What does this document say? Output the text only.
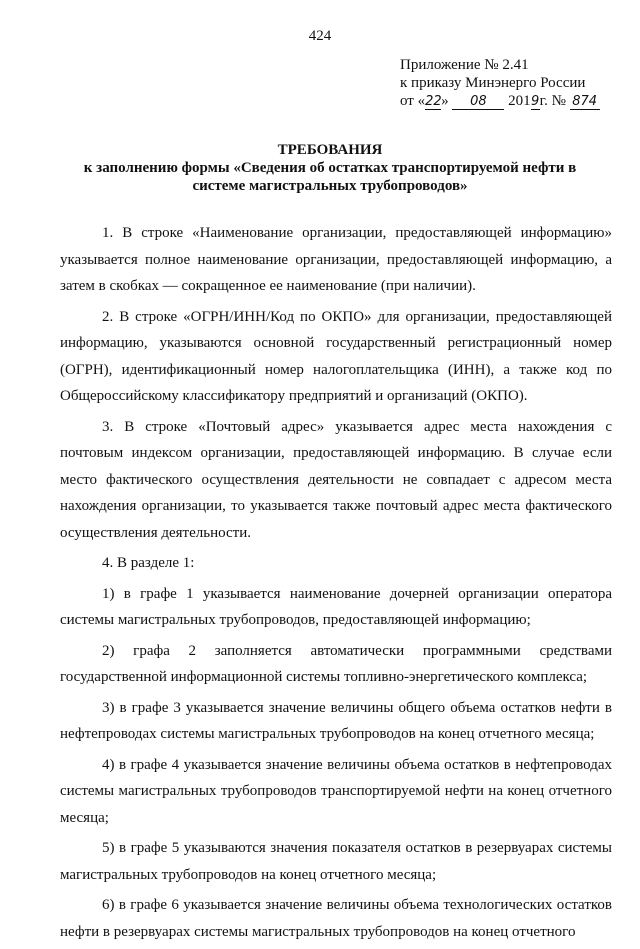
424
Приложение № 2.41
к приказу Минэнерго России
от «22» 08 2019г. № 874
ТРЕБОВАНИЯ
к заполнению формы «Сведения об остатках транспортируемой нефти в
системе магистральных трубопроводов»

1. В строке «Наименование организации, предоставляющей информацию» указывается полное наименование организации, предоставляющей информацию, а затем в скобках — сокращенное ее наименование (при наличии).

2. В строке «ОГРН/ИНН/Код по ОКПО» для организации, предоставляющей информацию, указываются основной государственный регистрационный номер (ОГРН), идентификационный номер налогоплательщика (ИНН), а также код по Общероссийскому классификатору предприятий и организаций (ОКПО).

3. В строке «Почтовый адрес» указывается адрес места нахождения с почтовым индексом организации, предоставляющей информацию. В случае если место фактического осуществления деятельности не совпадает с адресом места нахождения организации, то указывается также почтовый адрес места фактического осуществления деятельности.

4. В разделе 1:

1) в графе 1 указывается наименование дочерней организации оператора системы магистральных трубопроводов, предоставляющей информацию;

2) графа 2 заполняется автоматически программными средствами государственной информационной системы топливно-энергетического комплекса;

3) в графе 3 указывается значение величины общего объема остатков нефти в нефтепроводах системы магистральных трубопроводов на конец отчетного месяца;

4) в графе 4 указывается значение величины объема остатков в нефтепроводах системы магистральных трубопроводов транспортируемой нефти на конец отчетного месяца;

5) в графе 5 указываются значения показателя остатков в резервуарах системы магистральных трубопроводов на конец отчетного месяца;

6) в графе 6 указывается значение величины объема технологических остатков нефти в резервуарах системы магистральных трубопроводов на конец отчетного
